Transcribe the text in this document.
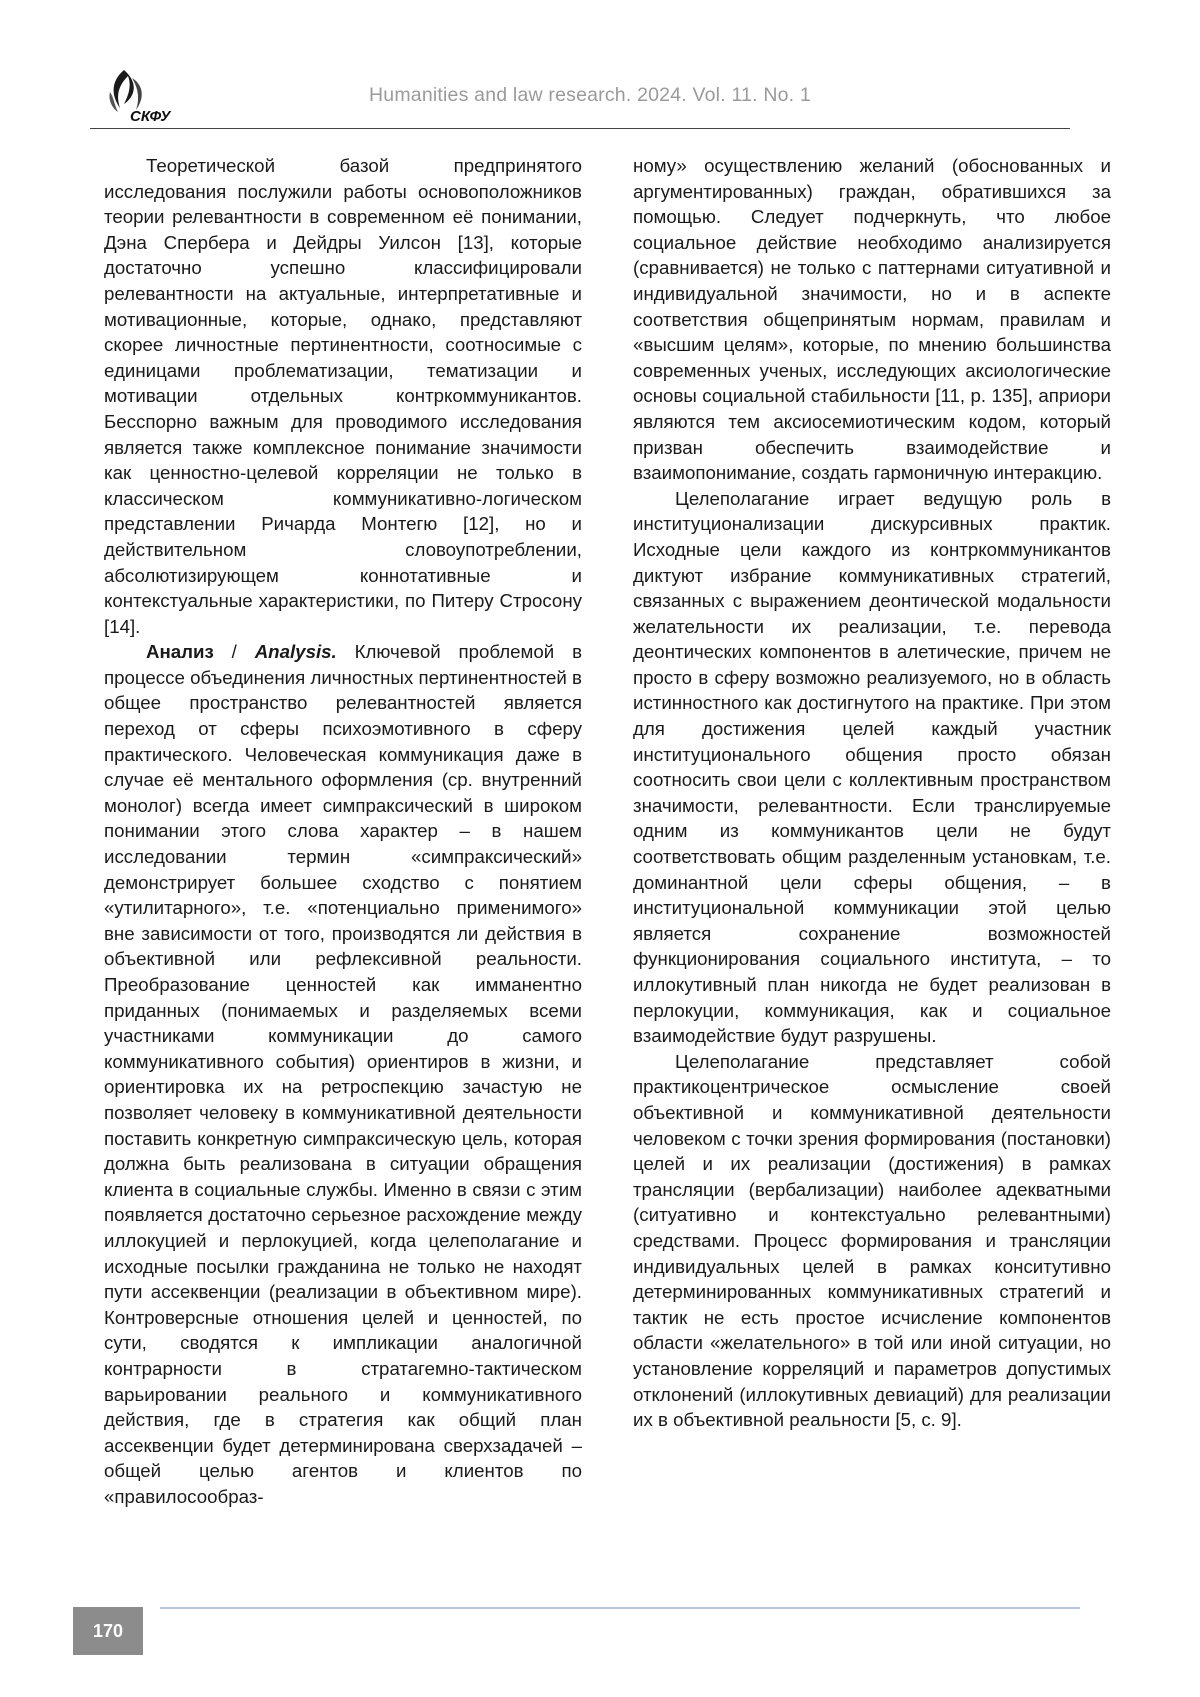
СКФУ
Humanities and law research. 2024. Vol. 11. No. 1

Теоретической базой предпринятого исследования послужили работы основоположников теории релевантности в современном её понимании, Дэна Спербера и Дейдры Уилсон [13], которые достаточно успешно классифицировали релевантности на актуальные, интерпретативные и мотивационные, которые, однако, представляют скорее личностные пертинентности, соотносимые с единицами проблематизации, тематизации и мотивации отдельных контркоммуникантов. Бесспорно важным для проводимого исследования является также комплексное понимание значимости как ценностно-целевой корреляции не только в классическом коммуникативно-логическом представлении Ричарда Монтегю [12], но и действительном словоупотреблении, абсолютизирующем коннотативные и контекстуальные характеристики, по Питеру Стросону [14].

Анализ / Analysis. Ключевой проблемой в процессе объединения личностных пертинентностей в общее пространство релевантностей является переход от сферы психоэмотивного в сферу практического. Человеческая коммуникация даже в случае её ментального оформления (ср. внутренний монолог) всегда имеет симпраксический в широком понимании этого слова характер – в нашем исследовании термин «симпраксический» демонстрирует большее сходство с понятием «утилитарного», т.е. «потенциально применимого» вне зависимости от того, производятся ли действия в объективной или рефлексивной реальности. Преобразование ценностей как имманентно приданных (понимаемых и разделяемых всеми участниками коммуникации до самого коммуникативного события) ориентиров в жизни, и ориентировка их на ретроспекцию зачастую не позволяет человеку в коммуникативной деятельности поставить конкретную симпраксическую цель, которая должна быть реализована в ситуации обращения клиента в социальные службы. Именно в связи с этим появляется достаточно серьезное расхождение между иллокуцией и перлокуцией, когда целеполагание и исходные посылки гражданина не только не находят пути ассеквенции (реализации в объективном мире). Контроверсные отношения целей и ценностей, по сути, сводятся к импликации аналогичной контрарности в стратагемно-тактическом варьировании реального и коммуникативного действия, где в стратегия как общий план ассеквенции будет детерминирована сверхзадачей – общей целью агентов и клиентов по «правилосообраз-

ному» осуществлению желаний (обоснованных и аргументированных) граждан, обратившихся за помощью. Следует подчеркнуть, что любое социальное действие необходимо анализируется (сравнивается) не только с паттернами ситуативной и индивидуальной значимости, но и в аспекте соответствия общепринятым нормам, правилам и «высшим целям», которые, по мнению большинства современных ученых, исследующих аксиологические основы социальной стабильности [11, p. 135], априори являются тем аксиосемиотическим кодом, который призван обеспечить взаимодействие и взаимопонимание, создать гармоничную интеракцию.

Целеполагание играет ведущую роль в институционализации дискурсивных практик. Исходные цели каждого из контркоммуникантов диктуют избрание коммуникативных стратегий, связанных с выражением деонтической модальности желательности их реализации, т.е. перевода деонтических компонентов в алетические, причем не просто в сферу возможно реализуемого, но в область истинностного как достигнутого на практике. При этом для достижения целей каждый участник институционального общения просто обязан соотносить свои цели с коллективным пространством значимости, релевантности. Если транслируемые одним из коммуникантов цели не будут соответствовать общим разделенным установкам, т.е. доминантной цели сферы общения, – в институциональной коммуникации этой целью является сохранение возможностей функционирования социального института, – то иллокутивный план никогда не будет реализован в перлокуции, коммуникация, как и социальное взаимодействие будут разрушены.

Целеполагание представляет собой практикоцентрическое осмысление своей объективной и коммуникативной деятельности человеком с точки зрения формирования (постановки) целей и их реализации (достижения) в рамках трансляции (вербализации) наиболее адекватными (ситуативно и контекстуально релевантными) средствами. Процесс формирования и трансляции индивидуальных целей в рамках конситутивно детерминированных коммуникативных стратегий и тактик не есть простое исчисление компонентов области «желательного» в той или иной ситуации, но установление корреляций и параметров допустимых отклонений (иллокутивных девиаций) для реализации их в объективной реальности [5, с. 9].

170
